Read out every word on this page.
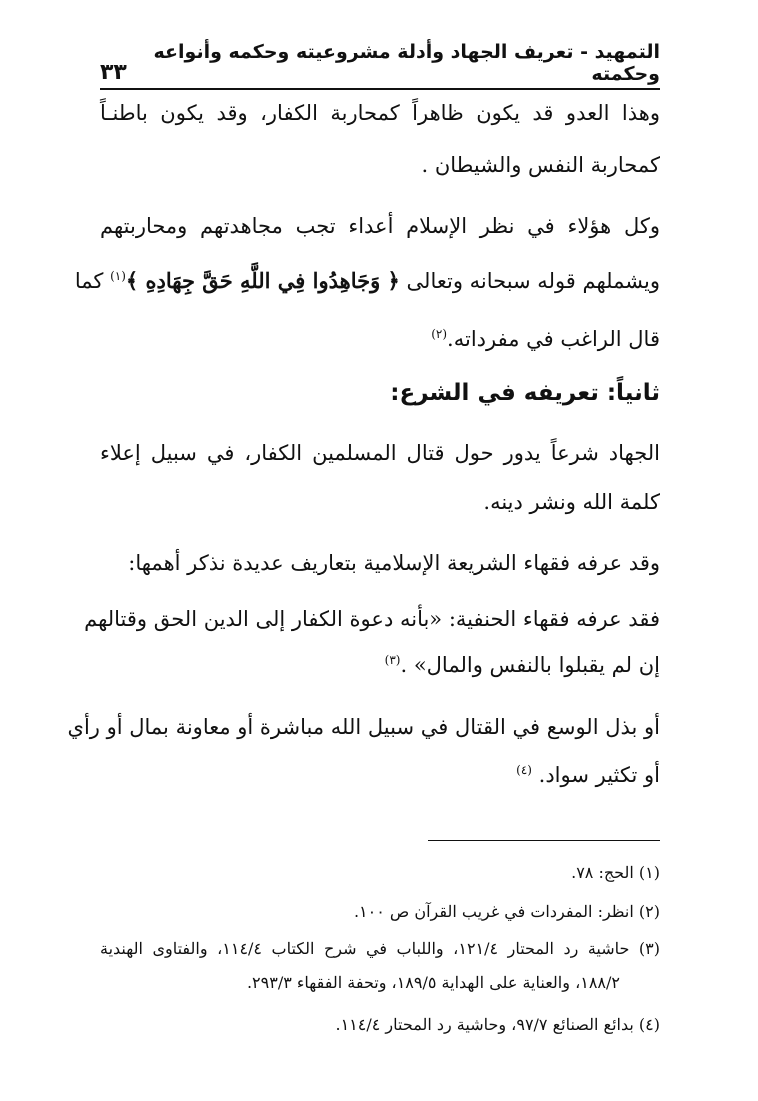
التمهيد - تعريف الجهاد وأدلة مشروعيته وحكمه وأنواعه وحكمته
٣٣
وهذا العدو قد يكون ظاهراً كمحاربة الكفار، وقد يكون باطنـاً
كمحاربة النفس والشيطان .
وكل هؤلاء في نظر الإسلام أعداء تجب مجاهدتهم ومحاربتهم
ويشملهم قوله سبحانه وتعالى ﴿ وَجَاهِدُوا فِي اللَّهِ حَقَّ جِهَادِهِ ﴾$^{(١)}$ كما
قال الراغب في مفرداته.$^{(٢)}$
ثانياً: تعريفه في الشرع:
الجهاد شرعاً يدور حول قتال المسلمين الكفار، في سبيل إعلاء
كلمة الله ونشر دينه.
وقد عرفه فقهاء الشريعة الإسلامية بتعاريف عديدة نذكر أهمها:
فقد عرفه فقهاء الحنفية: «بأنه دعوة الكفار إلى الدين الحق وقتالهم
إن لم يقبلوا بالنفس والمال» .$^{(٣)}$
أو بذل الوسع في القتال في سبيل الله مباشرة أو معاونة بمال أو رأي
أو تكثير سواد. $^{(٤)}$
(١) الحج: ٧٨.
(٢) انظر: المفردات في غريب القرآن ص ١٠٠.
(٣) حاشية رد المحتار ١٢١/٤، واللباب في شرح الكتاب ١١٤/٤، والفتاوى الهندية
١٨٨/٢، والعناية على الهداية ١٨٩/٥، وتحفة الفقهاء ٢٩٣/٣.
(٤) بدائع الصنائع ٩٧/٧، وحاشية رد المحتار ١١٤/٤.
